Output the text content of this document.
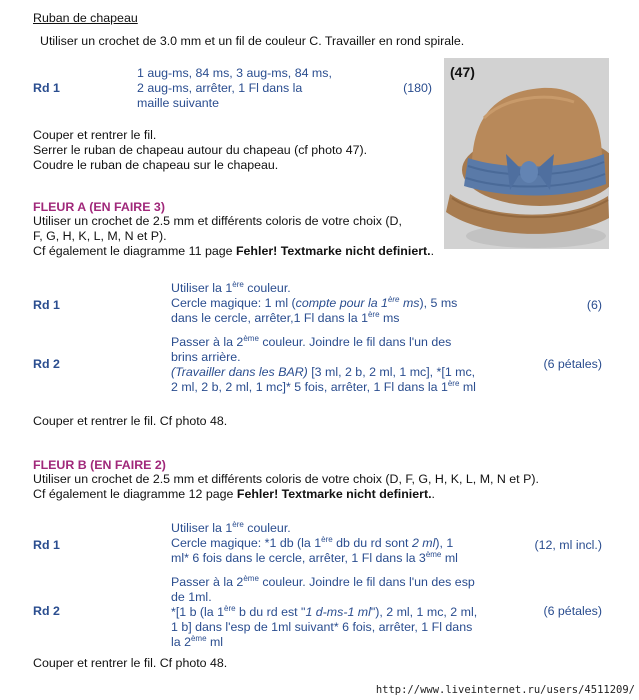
Ruban de chapeau
Utiliser un crochet de 3.0 mm et un fil de couleur C. Travailler en rond spirale.
Rd 1
1 aug-ms, 84 ms, 3 aug-ms, 84 ms,
2 aug-ms, arrêter, 1 Fl dans la
maille suivante
(180)
Couper et rentrer le fil.
Serrer le ruban de chapeau autour du chapeau (cf photo 47).
Coudre le ruban de chapeau sur le chapeau.
(47)
FLEUR A (EN FAIRE 3)
Utiliser un crochet de 2.5 mm et différents coloris de votre choix (D,
F, G, H, K, L, M, N et P).
Cf également le diagramme 11 page Fehler! Textmarke nicht definiert..
Rd 1
Utiliser la 1ère couleur.
Cercle magique: 1 ml (compte pour la 1ère ms), 5 ms
dans le cercle, arrêter,1 Fl dans la 1ère ms
(6)
Rd 2
Passer à la 2ème couleur. Joindre le fil dans l'un des
brins arrière.
(Travailler dans les BAR) [3 ml, 2 b, 2 ml, 1 mc], *[1 mc,
2 ml, 2 b, 2 ml, 1 mc]* 5 fois, arrêter, 1 Fl dans la 1ère ml
(6 pétales)
Couper et rentrer le fil. Cf photo 48.
FLEUR B (EN FAIRE 2)
Utiliser un crochet de 2.5 mm et différents coloris de votre choix (D, F, G, H, K, L, M, N et P).
Cf également le diagramme 12 page Fehler! Textmarke nicht definiert..
Rd 1
Utiliser la 1ère couleur.
Cercle magique: *1 db (la 1ère db du rd sont 2 ml), 1
ml* 6 fois dans le cercle, arrêter, 1 Fl dans la 3ème ml
(12, ml incl.)
Rd 2
Passer à la 2ème couleur. Joindre le fil dans l'un des esp
de 1ml.
*[1 b (la 1ère b du rd est "1 d-ms-1 ml"), 2 ml, 1 mc, 2 ml,
1 b] dans l'esp de 1ml suivant* 6 fois, arrêter, 1 Fl dans
la 2ème ml
(6 pétales)
Couper et rentrer le fil. Cf photo 48.
http://www.liveinternet.ru/users/4511209/
